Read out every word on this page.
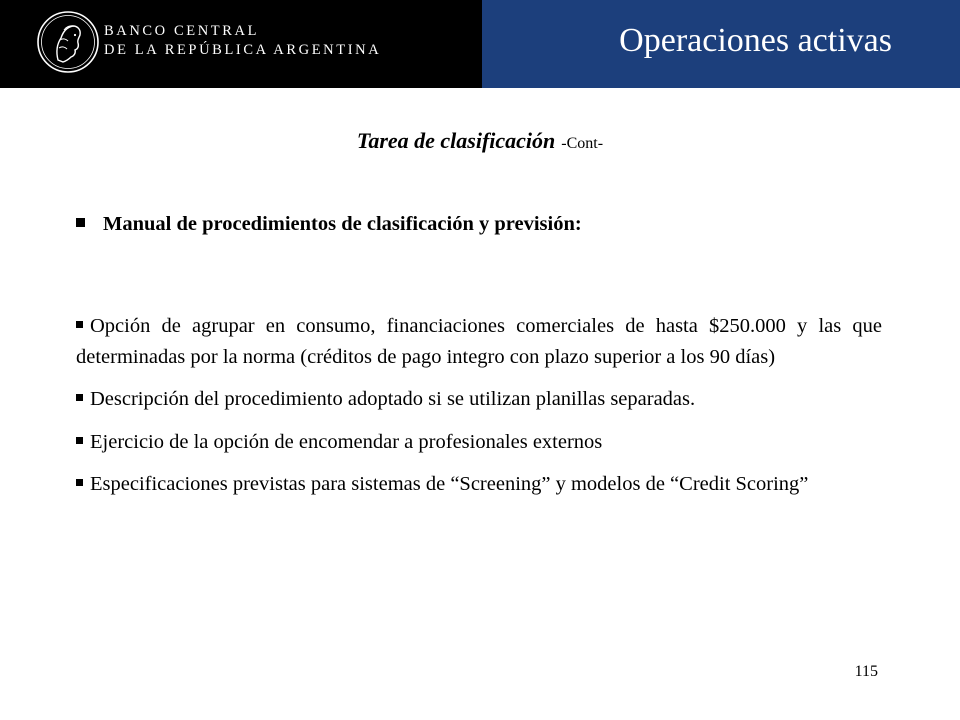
BANCO CENTRAL
DE LA REPÚBLICA ARGENTINA	Operaciones activas
Tarea de clasificación -Cont-
Manual de procedimientos de clasificación y previsión:
Opción de agrupar en consumo, financiaciones comerciales de hasta $250.000 y las que determinadas por la norma (créditos de pago integro con plazo superior a los 90 días)
Descripción del procedimiento adoptado si se utilizan planillas separadas.
Ejercicio de la opción de encomendar a profesionales externos
Especificaciones previstas para sistemas de “Screening” y modelos de “Credit Scoring”
115
